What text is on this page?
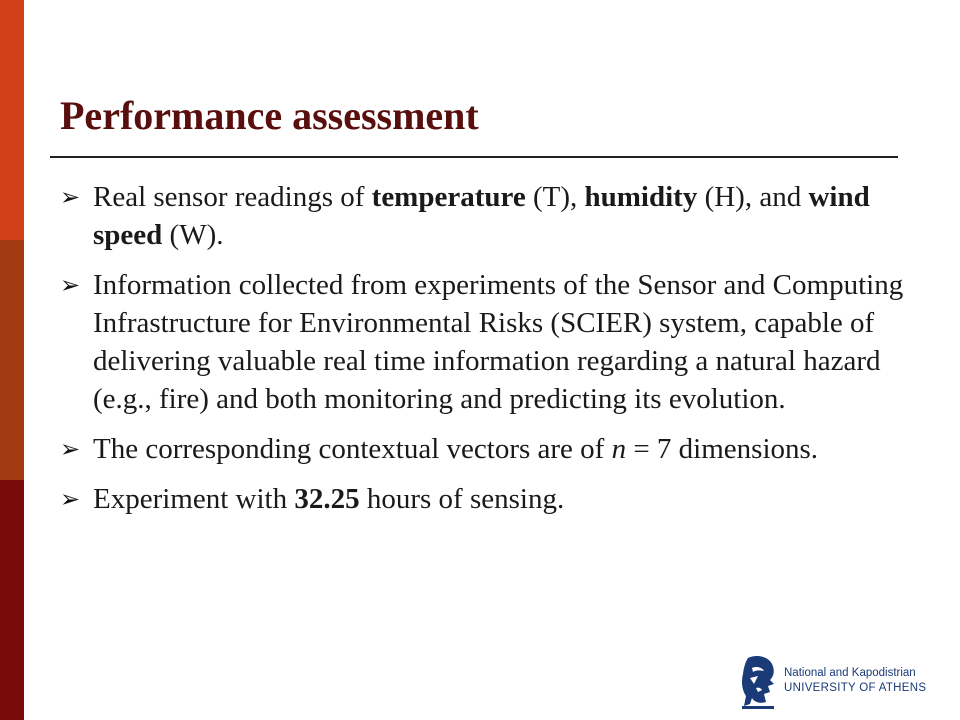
Performance assessment
➢ Real sensor readings of temperature (T), humidity (H), and wind speed (W).
➢ Information collected from experiments of the Sensor and Computing Infrastructure for Environmental Risks (SCIER) system, capable of delivering valuable real time information regarding a natural hazard (e.g., fire) and both monitoring and predicting its evolution.
➢ The corresponding contextual vectors are of n = 7 dimensions.
➢ Experiment with 32.25 hours of sensing.
National and Kapodistrian
UNIVERSITY OF ATHENS
